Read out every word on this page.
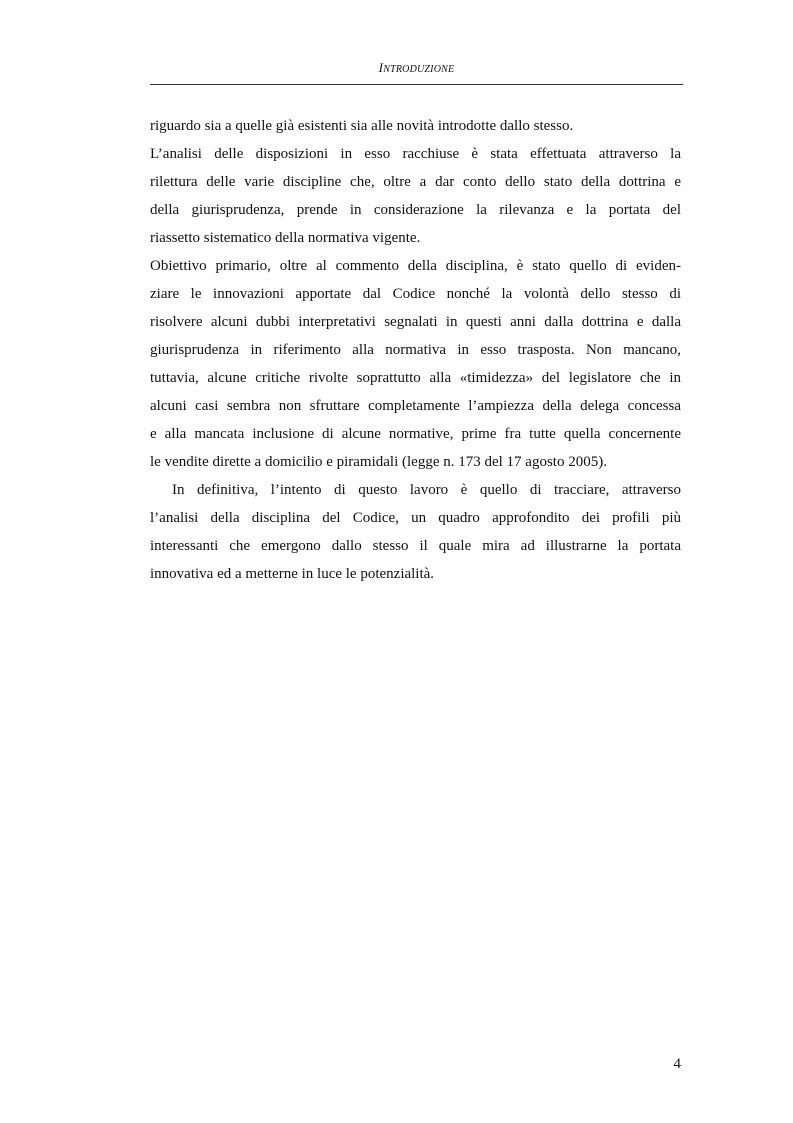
INTRODUZIONE

riguardo sia a quelle già esistenti sia alle novità introdotte dallo stesso.

L’analisi delle disposizioni in esso racchiuse è stata effettuata attraverso la

rilettura delle varie discipline che, oltre a dar conto dello stato della dottrina e

della giurisprudenza, prende in considerazione la rilevanza e la portata del

riassetto sistematico della normativa vigente.

Obiettivo primario, oltre al commento della disciplina, è stato quello di eviden-

ziare le innovazioni apportate dal Codice nonché la volontà dello stesso di

risolvere alcuni dubbi interpretativi segnalati in questi anni dalla dottrina e dalla

giurisprudenza in riferimento alla normativa in esso trasposta. Non mancano,

tuttavia, alcune critiche rivolte soprattutto alla «timidezza» del legislatore che in

alcuni casi sembra non sfruttare completamente l’ampiezza della delega concessa

e alla mancata inclusione di alcune normative, prime fra tutte quella concernente

le vendite dirette a domicilio e piramidali (legge n. 173 del 17 agosto 2005).

In definitiva, l’intento di questo lavoro è quello di tracciare, attraverso

l’analisi della disciplina del Codice, un quadro approfondito dei profili più

interessanti che emergono dallo stesso il quale mira ad illustrarne la portata

innovativa ed a metterne in luce le potenzialità.

4
